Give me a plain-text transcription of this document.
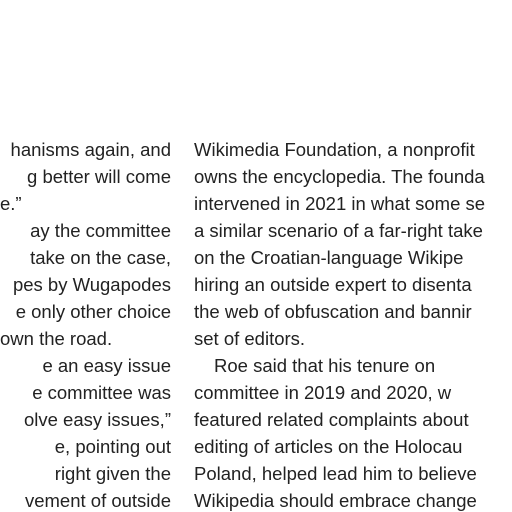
hanisms again, and
g better will come
e.”
ay the committee
take on the case,
pes by Wugapodes
e only other choice
own the road.
e an easy issue
e committee was
olve easy issues,”
e, pointing out
right given the
vement of outside
Wikimedia Foundation, a nonprofit
owns the encyclopedia. The founda
intervened in 2021 in what some se
a similar scenario of a far-right take
on the Croatian-language Wikipe
hiring an outside expert to disenta
the web of obfuscation and bannir
set of editors.
Roe said that his tenure on
committee in 2019 and 2020, w
featured related complaints about
editing of articles on the Holocau
Poland, helped lead him to believe
Wikipedia should embrace change
